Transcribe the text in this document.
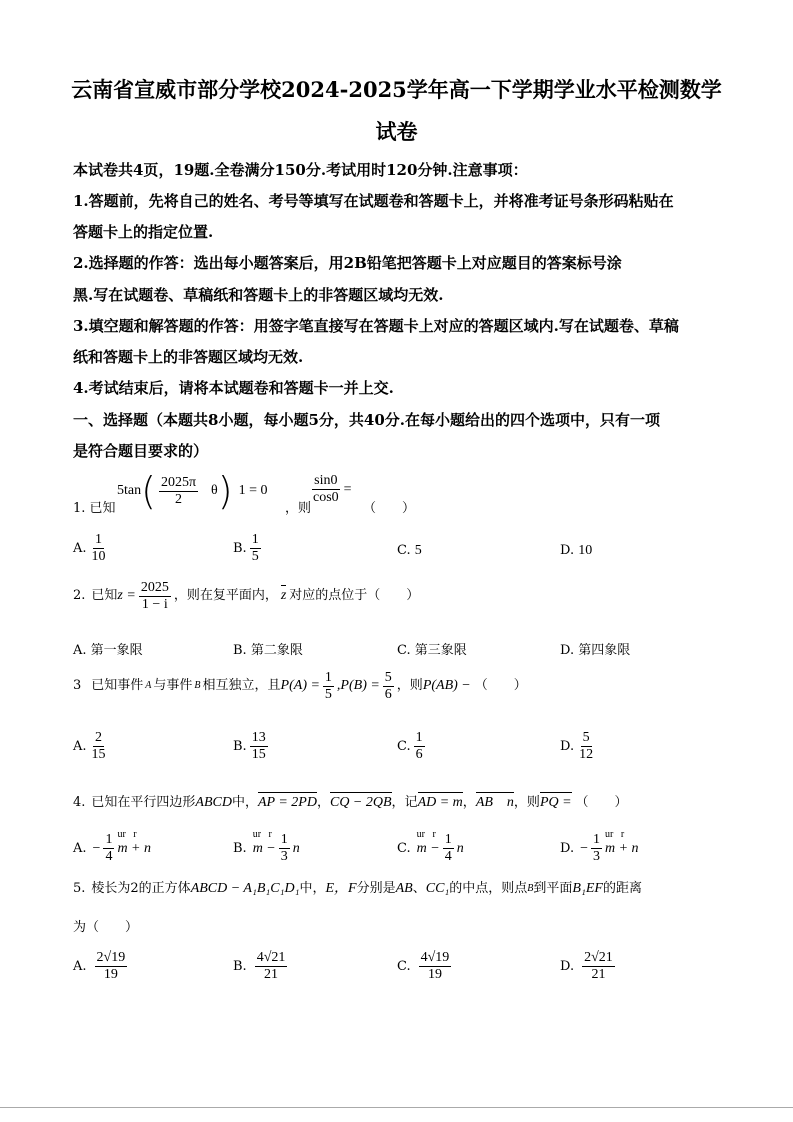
云南省宣威市部分学校2024-2025学年高一下学期学业水平检测数学
试卷
本试卷共4页，19题.全卷满分150分.考试用时120分钟.注意事项：
1.答题前，先将自己的姓名、考号等填写在试题卷和答题卡上，并将准考证号条形码粘贴在
答题卡上的指定位置.
2.选择题的作答：选出每小题答案后，用2B铅笔把答题卡上对应题目的答案标号涂
黑.写在试题卷、草稿纸和答题卡上的非答题区域均无效.
3.填空题和解答题的作答：用签字笔直接写在答题卡上对应的答题区域内.写在试题卷、草稿
纸和答题卡上的非答题区域均无效.
4.考试结束后，请将本试题卷和答题卡一并上交.
一、选择题（本题共8小题，每小题5分，共40分.在每小题给出的四个选项中，只有一项
是符合题目要求的）
1. 已知
5tan ( $\frac{2025\pi}{2}$ θ ) 1 = 0
，则
$\frac{\sin 0}{\cos 0}$ =
（　　）
A. $\frac{1}{10}$	B. $\frac{1}{5}$	C. 5	D. 10
2. 已知 $z = \frac{2025}{1 - i}$ ，则在复平面内， z 对应的点位于（　　）
A. 第一象限	B. 第二象限	C. 第三象限	D. 第四象限
3 已知事件 A 与事件 B 相互独立，且 $P(A) = \frac{1}{5} ,P(B) = \frac{5}{6}$ ，则 P(AB) − （　　）
A. $\frac{2}{15}$	B. $\frac{13}{15}$	C. $\frac{1}{6}$	D. $\frac{5}{12}$
4. 已知在平行四边形 ABCD 中， AP = 2PD ， CQ − 2QB ，记 AD = m ， AB    n ，则 PQ = （　　）
A. − $\frac{1}{4}$ m + n
ur   r
B. m −
ur   r $\frac{1}{3}$ n	C. m −
ur   r $\frac{1}{4}$ n	D. − $\frac{1}{3}$ m + n
ur   r
5. 棱长为2的正方体 ABCD − A₁B₁C₁D₁ 中， E，F 分别是 AB 、 CC₁ 的中点，则点 B 到平面 B₁EF 的距离
为（　　）
A. $\frac{2√19}{19}$	B. $\frac{4√21}{21}$	C. $\frac{4√19}{19}$	D. $\frac{2√21}{21}$
